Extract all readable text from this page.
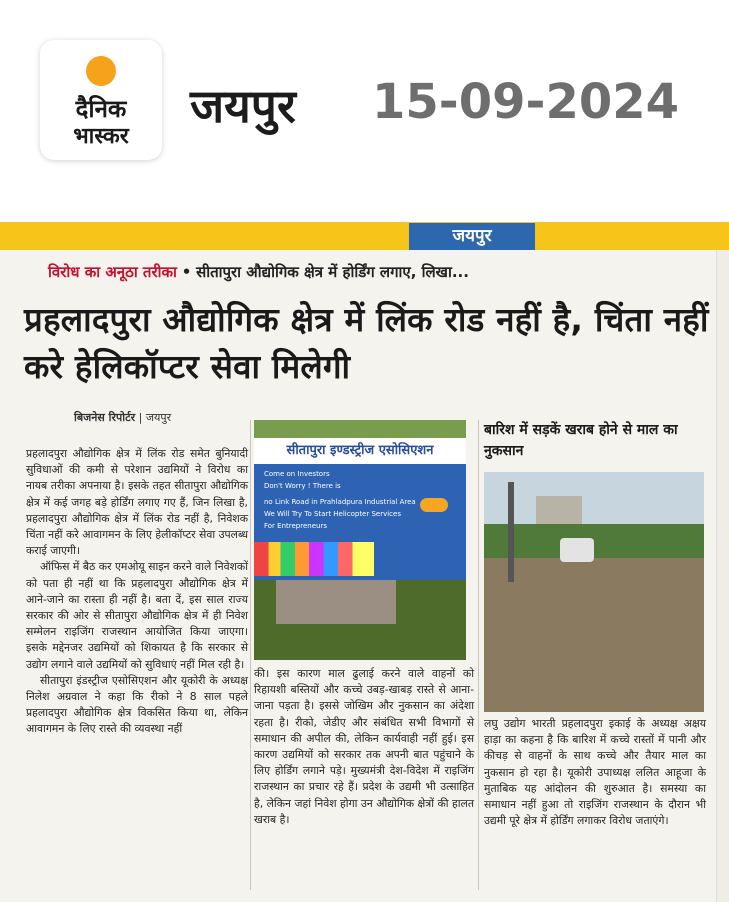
दैनिक
भास्कर
जयपुर 15-09-2024
जयपुर
विरोध का अनूठा तरीका • सीतापुरा औद्योगिक क्षेत्र में होर्डिंग लगाए, लिखा...
प्रहलादपुरा औद्योगिक क्षेत्र में लिंक रोड नहीं है, चिंता नहीं करे हेलिकॉप्टर सेवा मिलेगी
बिजनेस रिपोर्टर | जयपुर

प्रहलादपुरा औद्योगिक क्षेत्र में लिंक रोड समेत बुनियादी सुविधाओं की कमी से परेशान उद्यमियों ने विरोध का नायब तरीका अपनाया है। इसके तहत सीतापुरा औद्योगिक क्षेत्र में कई जगह बड़े होर्डिंग लगाए गए हैं, जिन लिखा है, प्रहलादपुरा औद्योगिक क्षेत्र में लिंक रोड नहीं है, निवेशक चिंता नहीं करे आवागमन के लिए हेलीकॉप्टर सेवा उपलब्ध कराई जाएगी।

ऑफिस में बैठ कर एमओयू साइन करने वाले निवेशकों को पता ही नहीं था कि प्रहलादपुरा औद्योगिक क्षेत्र में आने-जाने का रास्ता ही नहीं है। बता दें, इस साल राज्य सरकार की ओर से सीतापुरा औद्योगिक क्षेत्र में ही निवेश सम्मेलन राइजिंग राजस्थान आयोजित किया जाएगा। इसके मद्देनजर उद्यमियों को शिकायत है कि सरकार से उद्योग लगाने वाले उद्यमियों को सुविधाएं नहीं मिल रही है।

सीतापुरा इंडस्ट्रीज एसोसिएशन और यूकोरी के अध्यक्ष निलेश अग्रवाल ने कहा कि रीको ने 8 साल पहले प्रहलादपुरा औद्योगिक क्षेत्र विकसित किया था, लेकिन आवागमन के लिए रास्ते की व्यवस्था नहीं

सीतापुरा इण्डस्ट्रीज एसोसिएशन
Come on Investors
Don't Worry ! There is
no Link Road in Prahladpura Industrial Area
We Will Try To Start Helicopter Services
For Entrepreneurs

की। इस कारण माल ढुलाई करने वाले वाहनों को रिहायशी बस्तियों और कच्चे उबड़-खाबड़ रास्ते से आना-जाना पड़ता है। इससे जोखिम और नुकसान का अंदेशा रहता है। रीको, जेडीए और संबंधित सभी विभागों से समाधान की अपील की, लेकिन कार्यवाही नहीं हुई। इस कारण उद्यमियों को सरकार तक अपनी बात पहुंचाने के लिए होर्डिंग लगाने पड़े। मुख्यमंत्री देश-विदेश में राइजिंग राजस्थान का प्रचार रहे हैं। प्रदेश के उद्यमी भी उत्साहित है, लेकिन जहां निवेश होगा उन औद्योगिक क्षेत्रों की हालत खराब है।

बारिश में सड़कें खराब होने से माल का नुकसान

लघु उद्योग भारती प्रहलादपुरा इकाई के अध्यक्ष अक्षय हाड़ा का कहना है कि बारिश में कच्चे रास्तों में पानी और कीचड़ से वाहनों के साथ कच्चे और तैयार माल का नुकसान हो रहा है। यूकोरी उपाध्यक्ष ललित आहूजा के मुताबिक यह आंदोलन की शुरुआत है। समस्या का समाधान नहीं हुआ तो राइजिंग राजस्थान के दौरान भी उद्यमी पूरे क्षेत्र में होर्डिंग लगाकर विरोध जताएंगे।
